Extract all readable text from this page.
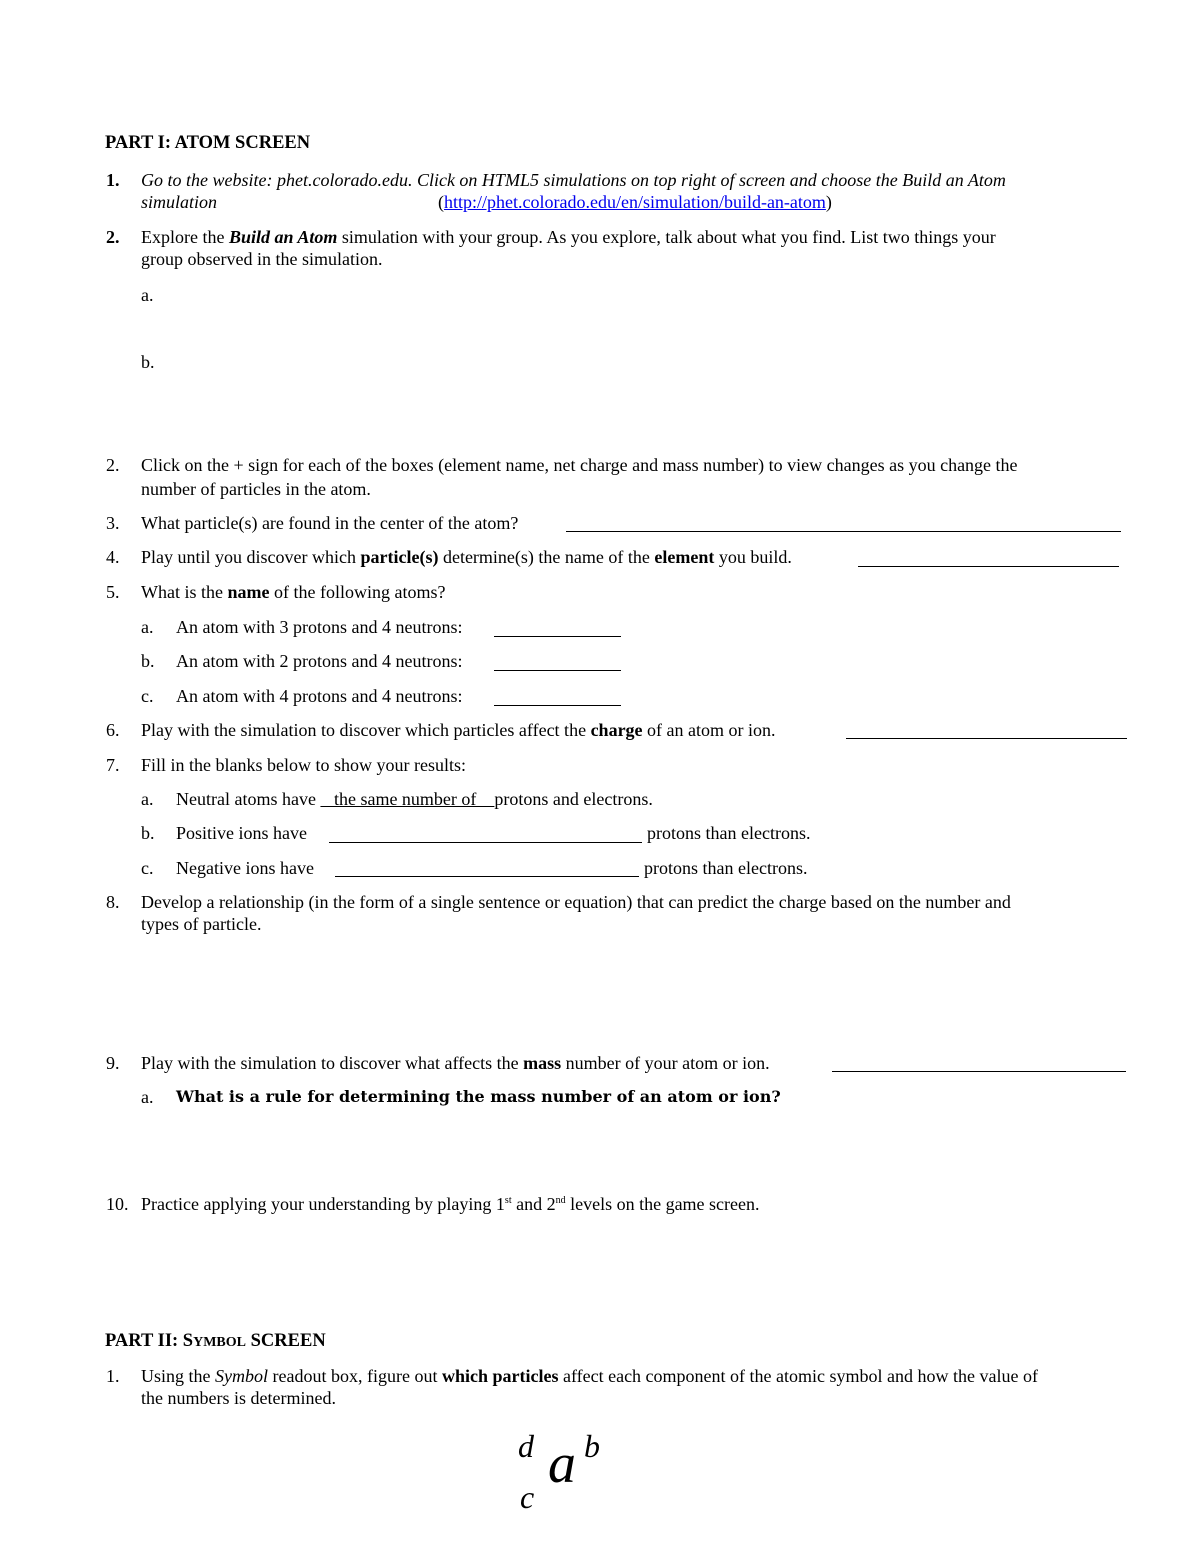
PART I: ATOM SCREEN
1. Go to the website: phet.colorado.edu. Click on HTML5 simulations on top right of screen and choose the Build an Atom
simulation	(http://phet.colorado.edu/en/simulation/build-an-atom)
2. Explore the Build an Atom simulation with your group. As you explore, talk about what you find. List two things your
group observed in the simulation.
a.
b.
2. Click on the + sign for each of the boxes (element name, net charge and mass number) to view changes as you change the
number of particles in the atom.
3. What particle(s) are found in the center of the atom?
4. Play until you discover which particle(s) determine(s) the name of the element you build.
5. What is the name of the following atoms?
a. An atom with 3 protons and 4 neutrons:
b. An atom with 2 protons and 4 neutrons:
c. An atom with 4 protons and 4 neutrons:
6. Play with the simulation to discover which particles affect the charge of an atom or ion.
7. Fill in the blanks below to show your results:
a. Neutral atoms have    the same number of    protons and electrons.
b. Positive ions have	protons than electrons.
c. Negative ions have	protons than electrons.
8. Develop a relationship (in the form of a single sentence or equation) that can predict the charge based on the number and
types of particle.
9. Play with the simulation to discover what affects the mass number of your atom or ion.
a. What is a rule for determining the mass number of an atom or ion?
10. Practice applying your understanding by playing 1st and 2nd levels on the game screen.
PART II: SYMBOL SCREEN
1. Using the Symbol readout box, figure out which particles affect each component of the atomic symbol and how the value of
the numbers is determined.
d a b
c
